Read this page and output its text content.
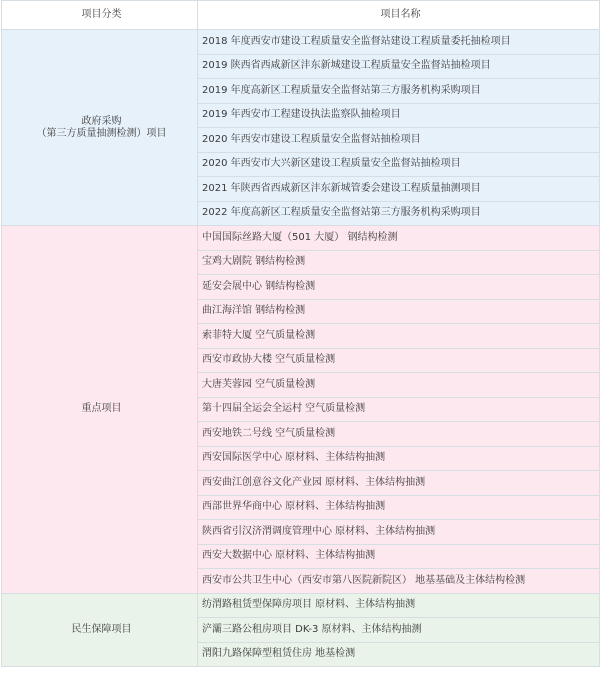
项目分类	项目名称
政府采购
（第三方质量抽测检测）项目	2018 年度西安市建设工程质量安全监督站建设工程质量委托抽检项目
	2019 陕西省西咸新区沣东新城建设工程质量安全监督站抽检项目
	2019 年度高新区工程质量安全监督站第三方服务机构采购项目
	2019 年西安市工程建设执法监察队抽检项目
	2020 年西安市建设工程质量安全监督站抽检项目
	2020 年西安市大兴新区建设工程质量安全监督站抽检项目
	2021 年陕西省西咸新区沣东新城管委会建设工程质量抽测项目
	2022 年度高新区工程质量安全监督站第三方服务机构采购项目
重点项目	中国国际丝路大厦（501 大厦） 钢结构检测
	宝鸡大剧院 钢结构检测
	延安会展中心 钢结构检测
	曲江海洋馆 钢结构检测
	索菲特大厦 空气质量检测
	西安市政协大楼 空气质量检测
	大唐芙蓉园 空气质量检测
	第十四届全运会全运村 空气质量检测
	西安地铁二号线 空气质量检测
	西安国际医学中心 原材料、主体结构抽测
	西安曲江创意谷文化产业园 原材料、主体结构抽测
	西部世界华商中心 原材料、主体结构抽测
	陕西省引汉济渭调度管理中心 原材料、主体结构抽测
	西安大数据中心 原材料、主体结构抽测
	西安市公共卫生中心（西安市第八医院新院区） 地基基础及主体结构检测
民生保障项目	纺渭路租赁型保障房项目 原材料、主体结构抽测
	浐灞三路公租房项目 DK-3 原材料、主体结构抽测
	渭阳九路保障型租赁住房 地基检测
